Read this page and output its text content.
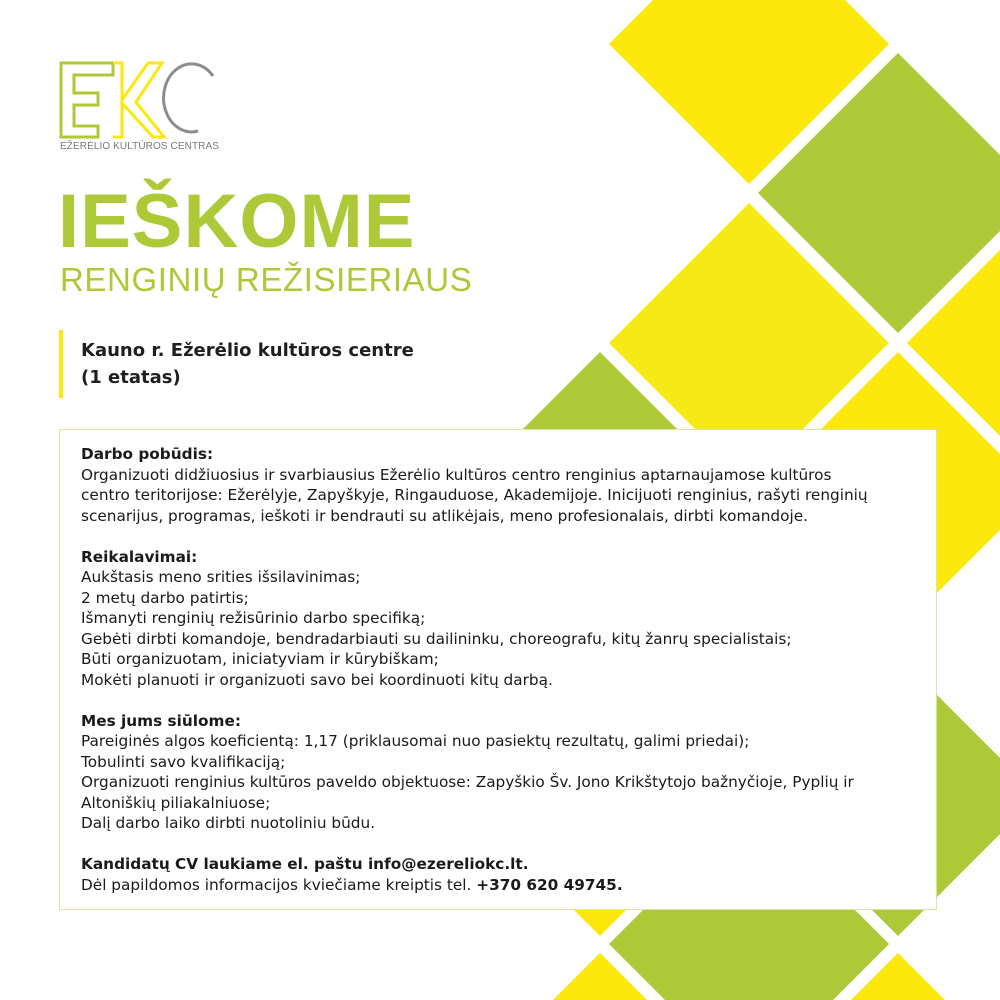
EŽERĖLIO KULTŪROS CENTRAS
IEŠKOME
RENGINIŲ REŽISIERIAUS
Kauno r. Ežerėlio kultūros centre
(1 etatas)
Darbo pobūdis:
Organizuoti didžiuosius ir svarbiausius Ežerėlio kultūros centro renginius aptarnaujamose kultūros
centro teritorijose: Ežerėlyje, Zapyškyje, Ringauduose, Akademijoje. Inicijuoti renginius, rašyti renginių
scenarijus, programas, ieškoti ir bendrauti su atlikėjais, meno profesionalais, dirbti komandoje.
Reikalavimai:
Aukštasis meno srities išsilavinimas;
2 metų darbo patirtis;
Išmanyti renginių režisūrinio darbo specifiką;
Gebėti dirbti komandoje, bendradarbiauti su dailininku, choreografu, kitų žanrų specialistais;
Būti organizuotam, iniciatyviam ir kūrybiškam;
Mokėti planuoti ir organizuoti savo bei koordinuoti kitų darbą.
Mes jums siūlome:
Pareiginės algos koeficientą: 1,17 (priklausomai nuo pasiektų rezultatų, galimi priedai);
Tobulinti savo kvalifikaciją;
Organizuoti renginius kultūros paveldo objektuose: Zapyškio Šv. Jono Krikštytojo bažnyčioje, Pyplių ir
Altoniškių piliakalniuose;
Dalį darbo laiko dirbti nuotoliniu būdu.
Kandidatų CV laukiame el. paštu info@ezereliokc.lt.
Dėl papildomos informacijos kviečiame kreiptis tel. +370 620 49745.
